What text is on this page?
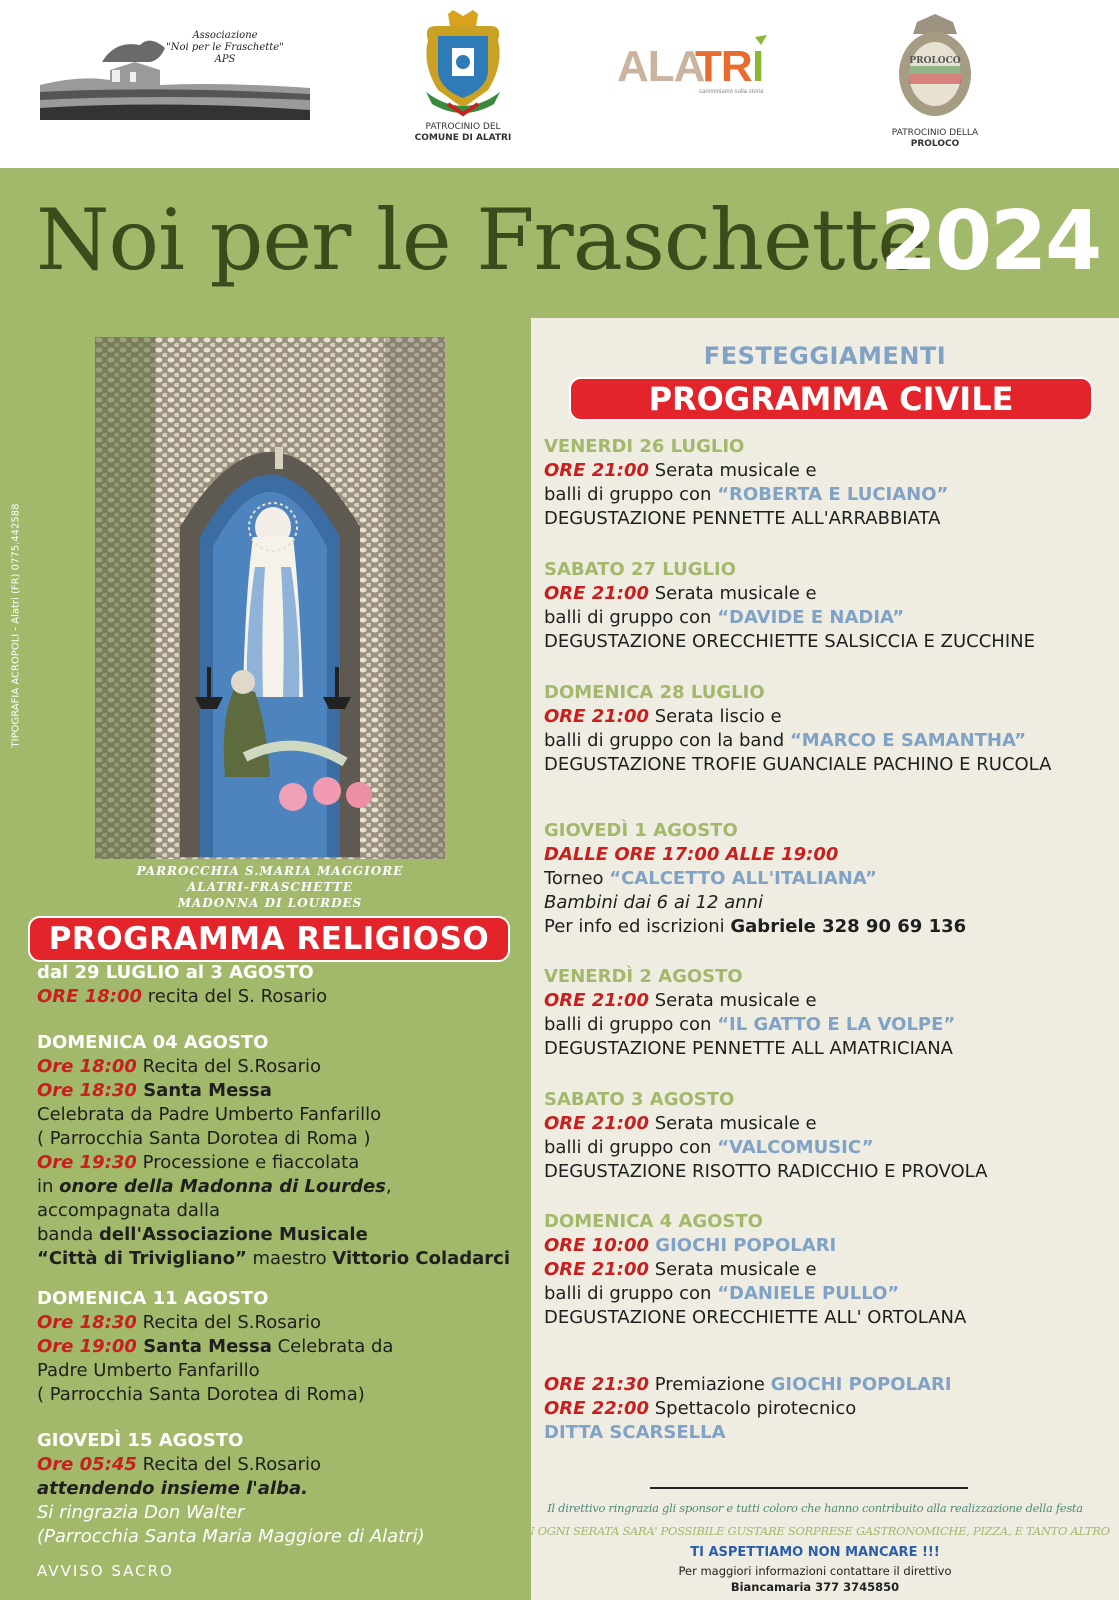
Associazione
"Noi per le Fraschette"
APS
PATROCINIO DEL
COMUNE DI ALATRI
ALA
TR I
camminiamo sulla storia
PROLOCO
PATROCINIO DELLA
PROLOCO
Noi per le Fraschette
2024
TIPOGRAFIA ACROPOLI - Alatri (FR) 0775.442588
PARROCCHIA S.MARIA MAGGIORE
ALATRI-FRASCHETTE
MADONNA DI LOURDES
PROGRAMMA RELIGIOSO
dal 29 LUGLIO al 3 AGOSTO
ORE 18:00 recita del S. Rosario
DOMENICA 04 AGOSTO
Ore 18:00 Recita del S.Rosario
Ore 18:30 Santa Messa
Celebrata da Padre Umberto Fanfarillo
( Parrocchia Santa Dorotea di Roma )
Ore 19:30 Processione e fiaccolata
in onore della Madonna di Lourdes,
accompagnata dalla
banda dell'Associazione Musicale
“Città di Trivigliano” maestro Vittorio Coladarci
DOMENICA 11 AGOSTO
Ore 18:30 Recita del S.Rosario
Ore 19:00 Santa Messa Celebrata da
Padre Umberto Fanfarillo
( Parrocchia Santa Dorotea di Roma)
GIOVEDÌ 15 AGOSTO
Ore 05:45 Recita del S.Rosario
attendendo insieme l'alba.
Si ringrazia Don Walter
(Parrocchia Santa Maria Maggiore di Alatri)
AVVISO SACRO
FESTEGGIAMENTI
PROGRAMMA CIVILE
VENERDI 26 LUGLIO
ORE 21:00 Serata musicale e
balli di gruppo con “ROBERTA E LUCIANO”
DEGUSTAZIONE PENNETTE ALL'ARRABBIATA
SABATO 27 LUGLIO
ORE 21:00 Serata musicale e
balli di gruppo con “DAVIDE E NADIA”
DEGUSTAZIONE ORECCHIETTE SALSICCIA E ZUCCHINE
DOMENICA 28 LUGLIO
ORE 21:00 Serata liscio e
balli di gruppo con la band “MARCO E SAMANTHA”
DEGUSTAZIONE TROFIE GUANCIALE PACHINO E RUCOLA
GIOVEDÌ 1 AGOSTO
DALLE ORE 17:00 ALLE 19:00
Torneo “CALCETTO ALL'ITALIANA”
Bambini dai 6 ai 12 anni
Per info ed iscrizioni Gabriele 328 90 69 136
VENERDÌ 2 AGOSTO
ORE 21:00 Serata musicale e
balli di gruppo con “IL GATTO E LA VOLPE”
DEGUSTAZIONE PENNETTE ALL AMATRICIANA
SABATO 3 AGOSTO
ORE 21:00 Serata musicale e
balli di gruppo con “VALCOMUSIC”
DEGUSTAZIONE RISOTTO RADICCHIO E PROVOLA
DOMENICA 4 AGOSTO
ORE 10:00 GIOCHI POPOLARI
ORE 21:00 Serata musicale e
balli di gruppo con “DANIELE PULLO”
DEGUSTAZIONE ORECCHIETTE ALL' ORTOLANA
ORE 21:30 Premiazione GIOCHI POPOLARI
ORE 22:00 Spettacolo pirotecnico
DITTA SCARSELLA
Il direttivo ringrazia gli sponsor e tutti coloro che hanno contribuito alla realizzazione della festa
IN OGNI SERATA SARA' POSSIBILE GUSTARE SORPRESE GASTRONOMICHE, PIZZA, E TANTO ALTRO
TI ASPETTIAMO NON MANCARE !!!
Per maggiori informazioni contattare il direttivo
Biancamaria 377 3745850
